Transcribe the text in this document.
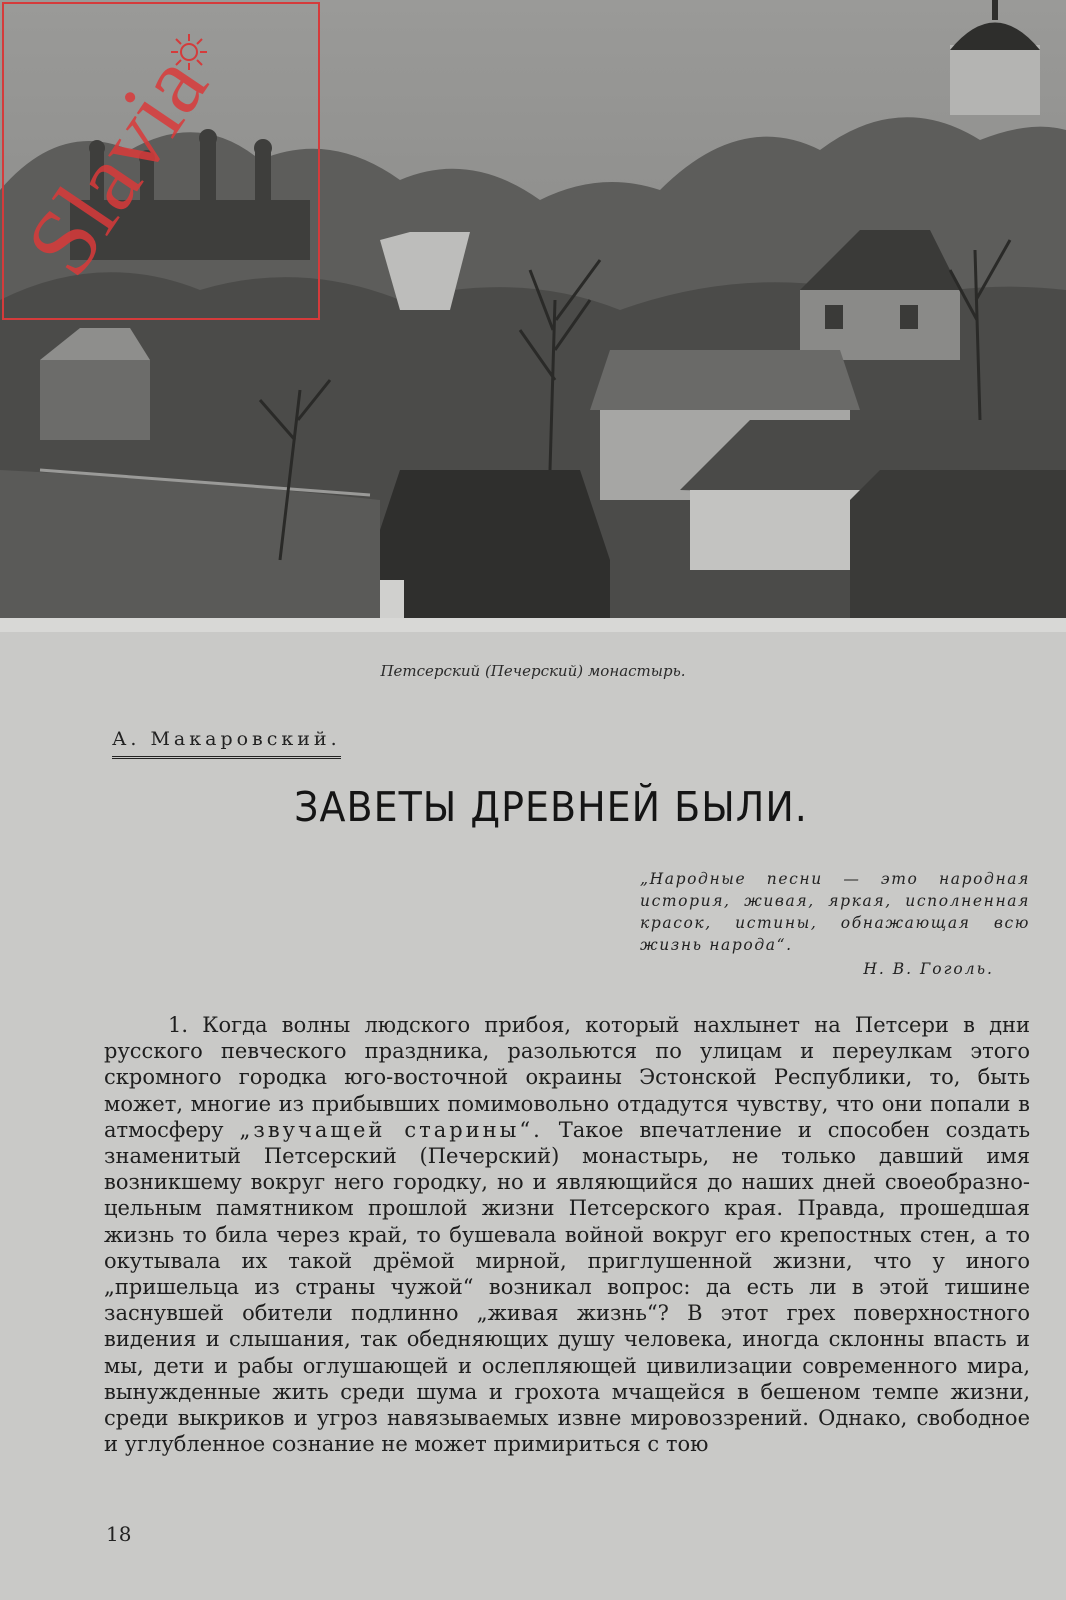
Slavia
Петсерский (Печерский) монастырь.
А. Макаровский.
ЗАВЕТЫ ДРЕВНЕЙ БЫЛИ.
„Народные песни — это народная история, живая, яркая, исполненная красок, истины, обнажающая всю жизнь народа“.
Н. В. Гоголь.
1. Когда волны людского прибоя, который нахлынет на Петсери в дни русского певческого праздника, разольются по улицам и переулкам этого скромного городка юго-восточной окраины Эстонской Республики, то, быть может, многие из прибывших помимовольно отдадутся чувству, что они попали в атмосферу „звучащей старины“. Такое впечатление и способен создать знаменитый Петсерский (Печерский) монастырь, не только давший имя возникшему вокруг него городку, но и являющийся до наших дней своеобразно-цельным памятником прошлой жизни Петсерского края. Правда, прошедшая жизнь то била через край, то бушевала войной вокруг его крепостных стен, а то окутывала их такой дрёмой мирной, приглушенной жизни, что у иного „пришельца из страны чужой“ возникал вопрос: да есть ли в этой тишине заснувшей обители подлинно „живая жизнь“? В этот грех поверхностного видения и слышания, так обедняющих душу человека, иногда склонны впасть и мы, дети и рабы оглушающей и ослепляющей цивилизации современного мира, вынужденные жить среди шума и грохота мчащейся в бешеном темпе жизни, среди выкриков и угроз навязываемых извне мировоззрений. Однако, свободное и углубленное сознание не может примириться с тою
18
